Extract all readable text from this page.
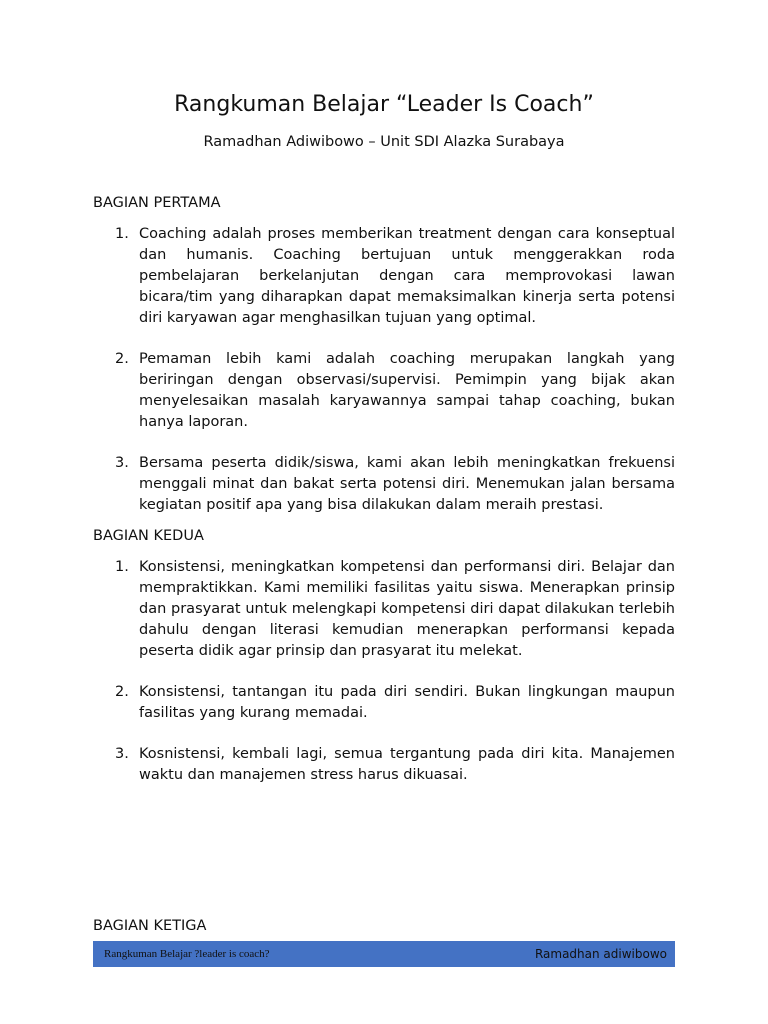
Rangkuman Belajar “Leader Is Coach”

Ramadhan Adiwibowo – Unit SDI Alazka Surabaya

BAGIAN PERTAMA
1. Coaching adalah proses memberikan treatment dengan cara konseptual dan humanis. Coaching bertujuan untuk menggerakkan roda pembelajaran berkelanjutan dengan cara memprovokasi lawan bicara/tim yang diharapkan dapat memaksimalkan kinerja serta potensi diri karyawan agar menghasilkan tujuan yang optimal.
2. Pemaman lebih kami adalah coaching merupakan langkah yang beriringan dengan observasi/supervisi. Pemimpin yang bijak akan menyelesaikan masalah karyawannya sampai tahap coaching, bukan hanya laporan.
3. Bersama peserta didik/siswa, kami akan lebih meningkatkan frekuensi menggali minat dan bakat serta potensi diri. Menemukan jalan bersama kegiatan positif apa yang bisa dilakukan dalam meraih prestasi.
BAGIAN KEDUA
1. Konsistensi, meningkatkan kompetensi dan performansi diri. Belajar dan mempraktikkan. Kami memiliki fasilitas yaitu siswa. Menerapkan prinsip dan prasyarat untuk melengkapi kompetensi diri dapat dilakukan terlebih dahulu dengan literasi kemudian menerapkan performansi kepada peserta didik agar prinsip dan prasyarat itu melekat.
2. Konsistensi, tantangan itu pada diri sendiri. Bukan lingkungan maupun fasilitas yang kurang memadai.
3. Kosnistensi, kembali lagi, semua tergantung pada diri kita. Manajemen waktu dan manajemen stress harus dikuasai.
BAGIAN KETIGA
Rangkuman Belajar ?leader is coach?	Ramadhan adiwibowo
